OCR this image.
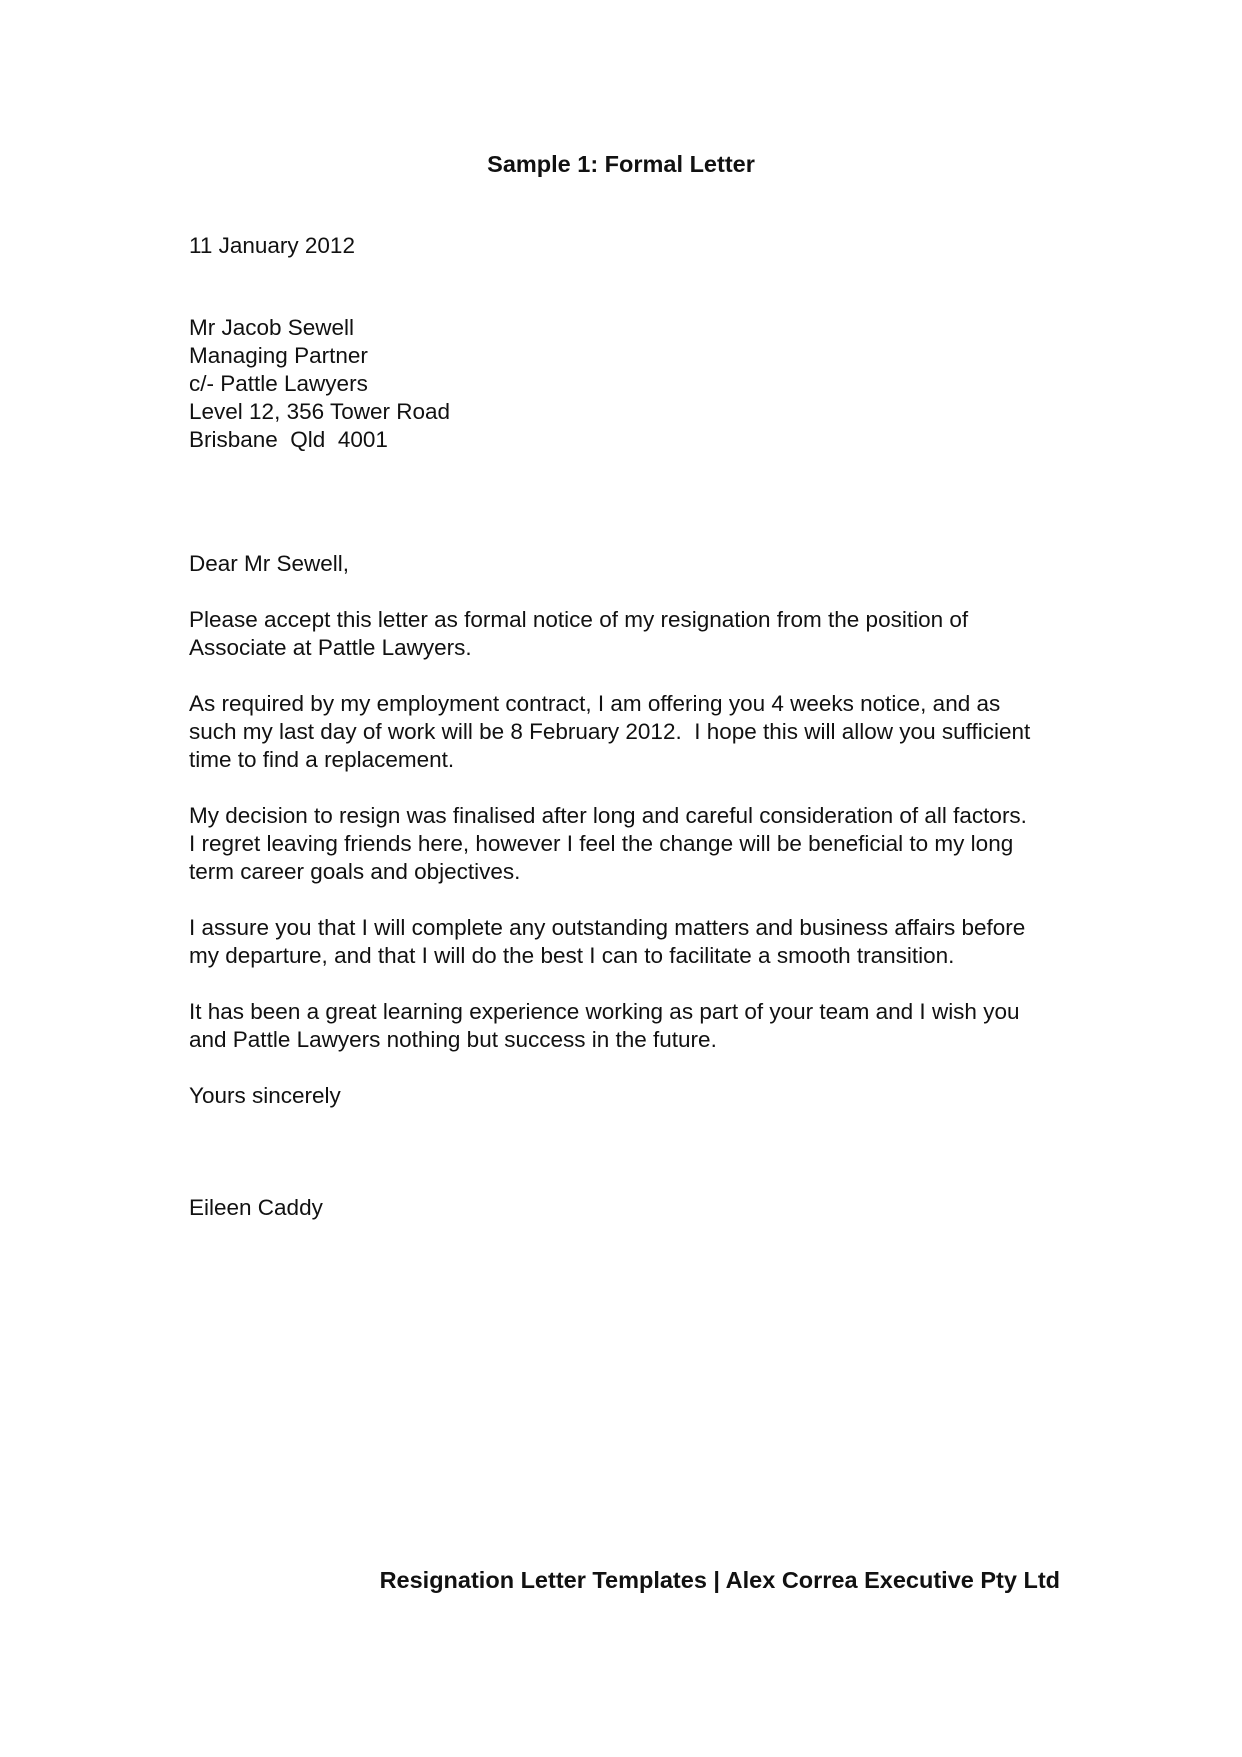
Sample 1: Formal Letter
11 January 2012
Mr Jacob Sewell
Managing Partner
c/- Pattle Lawyers
Level 12, 356 Tower Road
Brisbane  Qld  4001
Dear Mr Sewell,
Please accept this letter as formal notice of my resignation from the position of
Associate at Pattle Lawyers.
As required by my employment contract, I am offering you 4 weeks notice, and as
such my last day of work will be 8 February 2012.  I hope this will allow you sufficient
time to find a replacement.
My decision to resign was finalised after long and careful consideration of all factors.
I regret leaving friends here, however I feel the change will be beneficial to my long
term career goals and objectives.
I assure you that I will complete any outstanding matters and business affairs before
my departure, and that I will do the best I can to facilitate a smooth transition.
It has been a great learning experience working as part of your team and I wish you
and Pattle Lawyers nothing but success in the future.
Yours sincerely
Eileen Caddy
Resignation Letter Templates | Alex Correa Executive Pty Ltd
